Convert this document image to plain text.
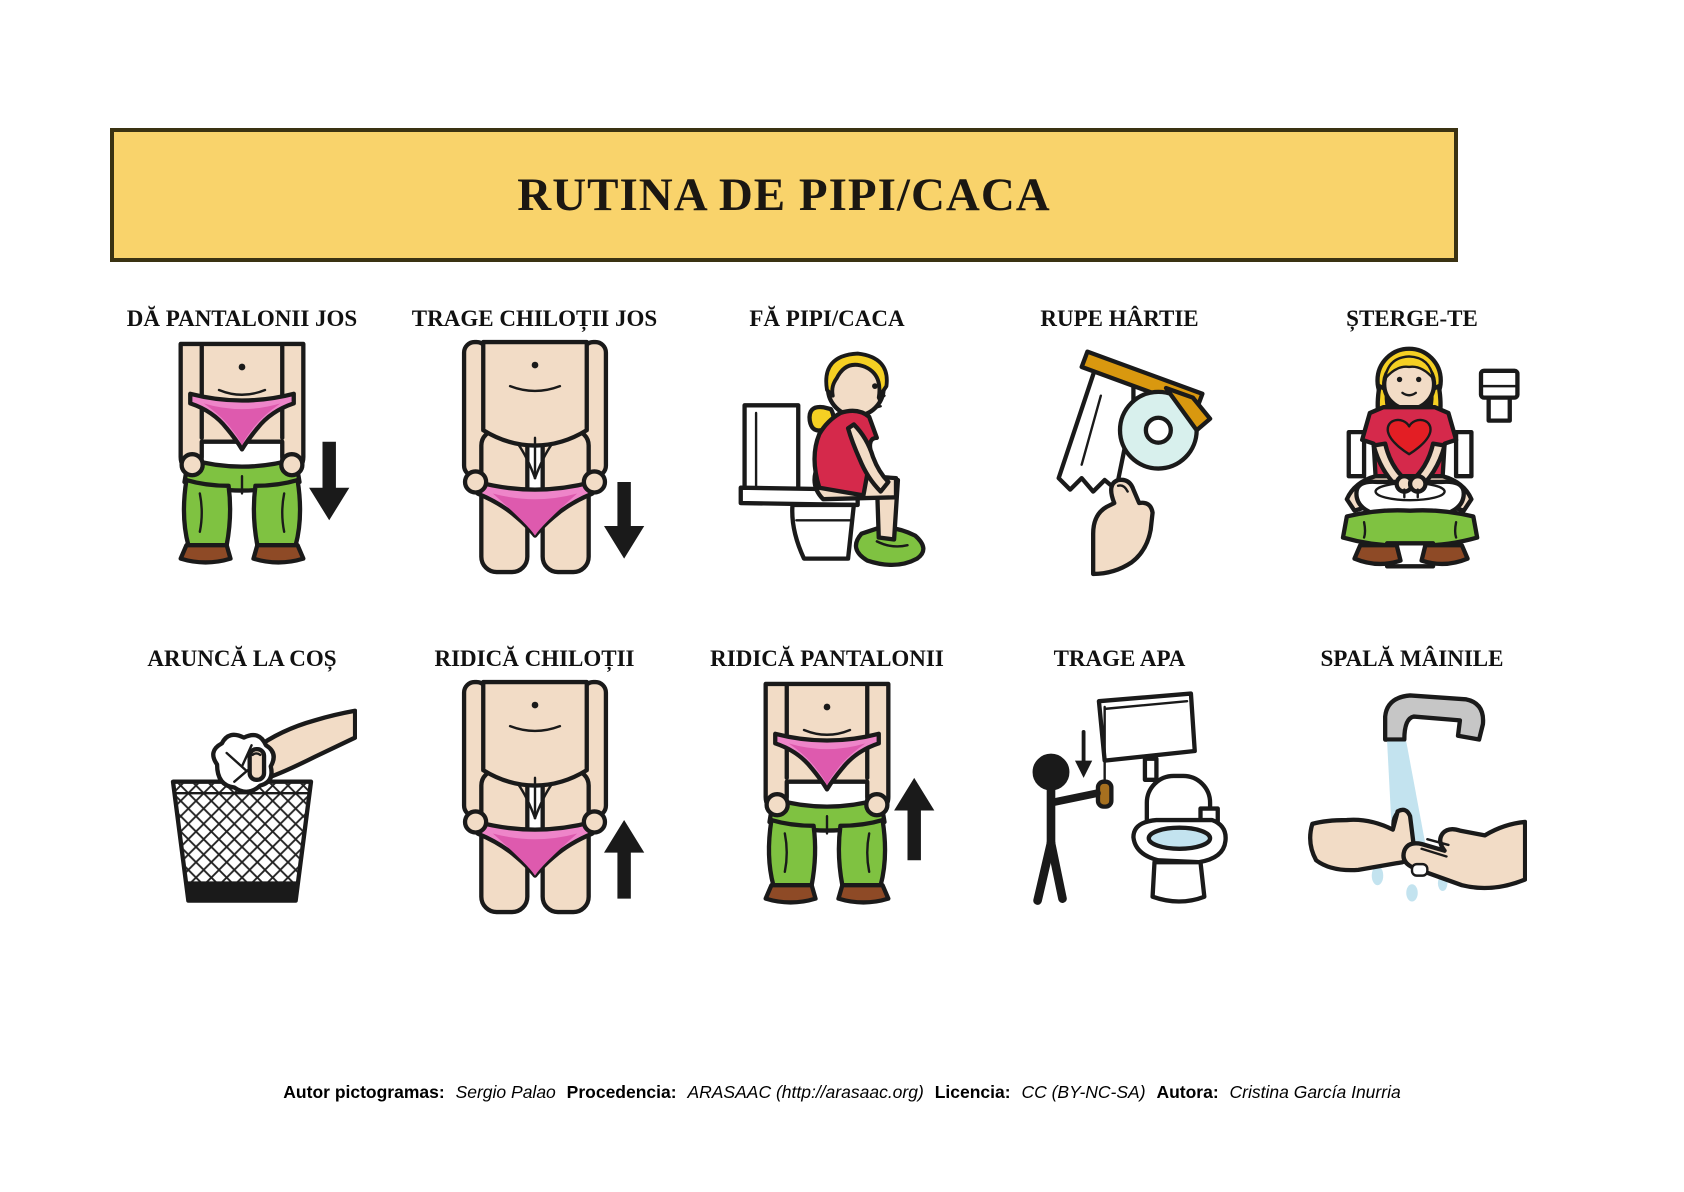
RUTINA DE PIPI/CACA
DĂ PANTALONII JOS TRAGE CHILOȚII JOS	FĂ PIPI/CACA	RUPE HÂRTIE	ȘTERGE-TE
ARUNCĂ LA COȘ	RIDICĂ CHILOȚII	RIDICĂ PANTALONII	TRAGE APA	SPALĂ MÂINILE
Autor pictogramas: Sergio Palao Procedencia: ARASAAC (http://arasaac.org) Licencia: CC (BY-NC-SA) Autora: Cristina García Inurria
